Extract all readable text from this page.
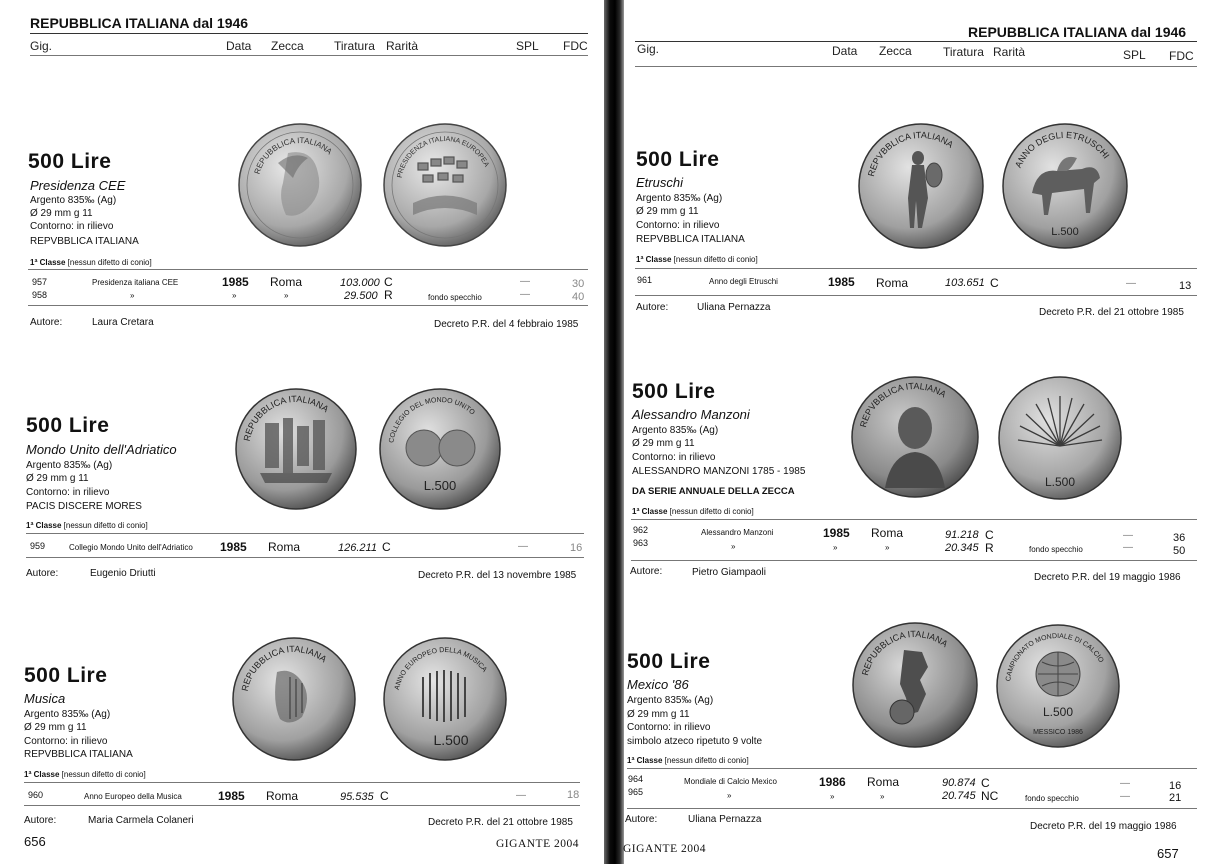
REPUBBLICA ITALIANA dal 1946
Gig.	Data Zecca	Tiratura Rarità	SPL FDC
500 Lire
Presidenza CEE
Argento 835‰ (Ag)
Ø 29 mm g 11
Contorno: in rilievo
REPVBBLICA ITALIANA
1ª Classe [nessun difetto di conio]
957	Presidenza italiana CEE	1985 Roma	103.000 C	—	30
958	»	»	»	29.500 R	fondo specchio	—	40
Autore:	Laura Cretara	Decreto P.R. del 4 febbraio 1985
500 Lire
Mondo Unito dell'Adriatico
Argento 835‰ (Ag)
Ø 29 mm g 11
Contorno: in rilievo
PACIS DISCERE MORES
1ª Classe [nessun difetto di conio]
959	Collegio Mondo Unito dell'Adriatico 1985 Roma	126.211 C	—	16
Autore:	Eugenio Driutti	Decreto P.R. del 13 novembre 1985
500 Lire
Musica
Argento 835‰ (Ag)
Ø 29 mm g 11
Contorno: in rilievo
REPVBBLICA ITALIANA
1ª Classe [nessun difetto di conio]
960	Anno Europeo della Musica	1985 Roma	95.535 C	—	18
Autore:	Maria Carmela Colaneri	Decreto P.R. del 21 ottobre 1985
656	GIGANTE 2004
REPUBBLICA ITALIANA
PRESIDENZA ITALIANA EUROPEA
REPUBBLICA ITALIANA
L.500
COLLEGIO DEL MONDO UNITO
REPUBBLICA ITALIANA
L.500
ANNO EUROPEO DELLA MUSICA
REPUBBLICA ITALIANA dal 1946
Gig.	Data Zecca	Tiratura Rarità	SPL FDC
500 Lire
Etruschi
Argento 835‰ (Ag)
Ø 29 mm g 11
Contorno: in rilievo
REPVBBLICA ITALIANA
1ª Classe [nessun difetto di conio]
961	Anno degli Etruschi	1985 Roma	103.651 C	—	13
Autore:	Uliana Pernazza	Decreto P.R. del 21 ottobre 1985
500 Lire
Alessandro Manzoni
Argento 835‰ (Ag)
Ø 29 mm g 11
Contorno: in rilievo
ALESSANDRO MANZONI 1785 - 1985
DA SERIE ANNUALE DELLA ZECCA
1ª Classe [nessun difetto di conio]
962	Alessandro Manzoni	1985 Roma	91.218 C	—	36
963	»	»	»	20.345 R	fondo specchio	—	50
Autore:	Pietro Giampaoli	Decreto P.R. del 19 maggio 1986
500 Lire
Mexico '86
Argento 835‰ (Ag)
Ø 29 mm g 11
Contorno: in rilievo
simbolo atzeco ripetuto 9 volte
1ª Classe [nessun difetto di conio]
964	Mondiale di Calcio Mexico	1986 Roma	90.874 C	—	16
965	»	»	»	20.745 NC	fondo specchio	—	21
Autore:	Uliana Pernazza
Decreto P.R. del 19 maggio 1986
GIGANTE 2004	657
REPVBBLICA ITALIANA
L.500
ANNO DEGLI ETRUSCHI
REPVBBLICA ITALIANA
L.500
REPUBBLICA ITALIANA
L.500
MESSICO 1986
CAMPIONATO MONDIALE DI CALCIO
